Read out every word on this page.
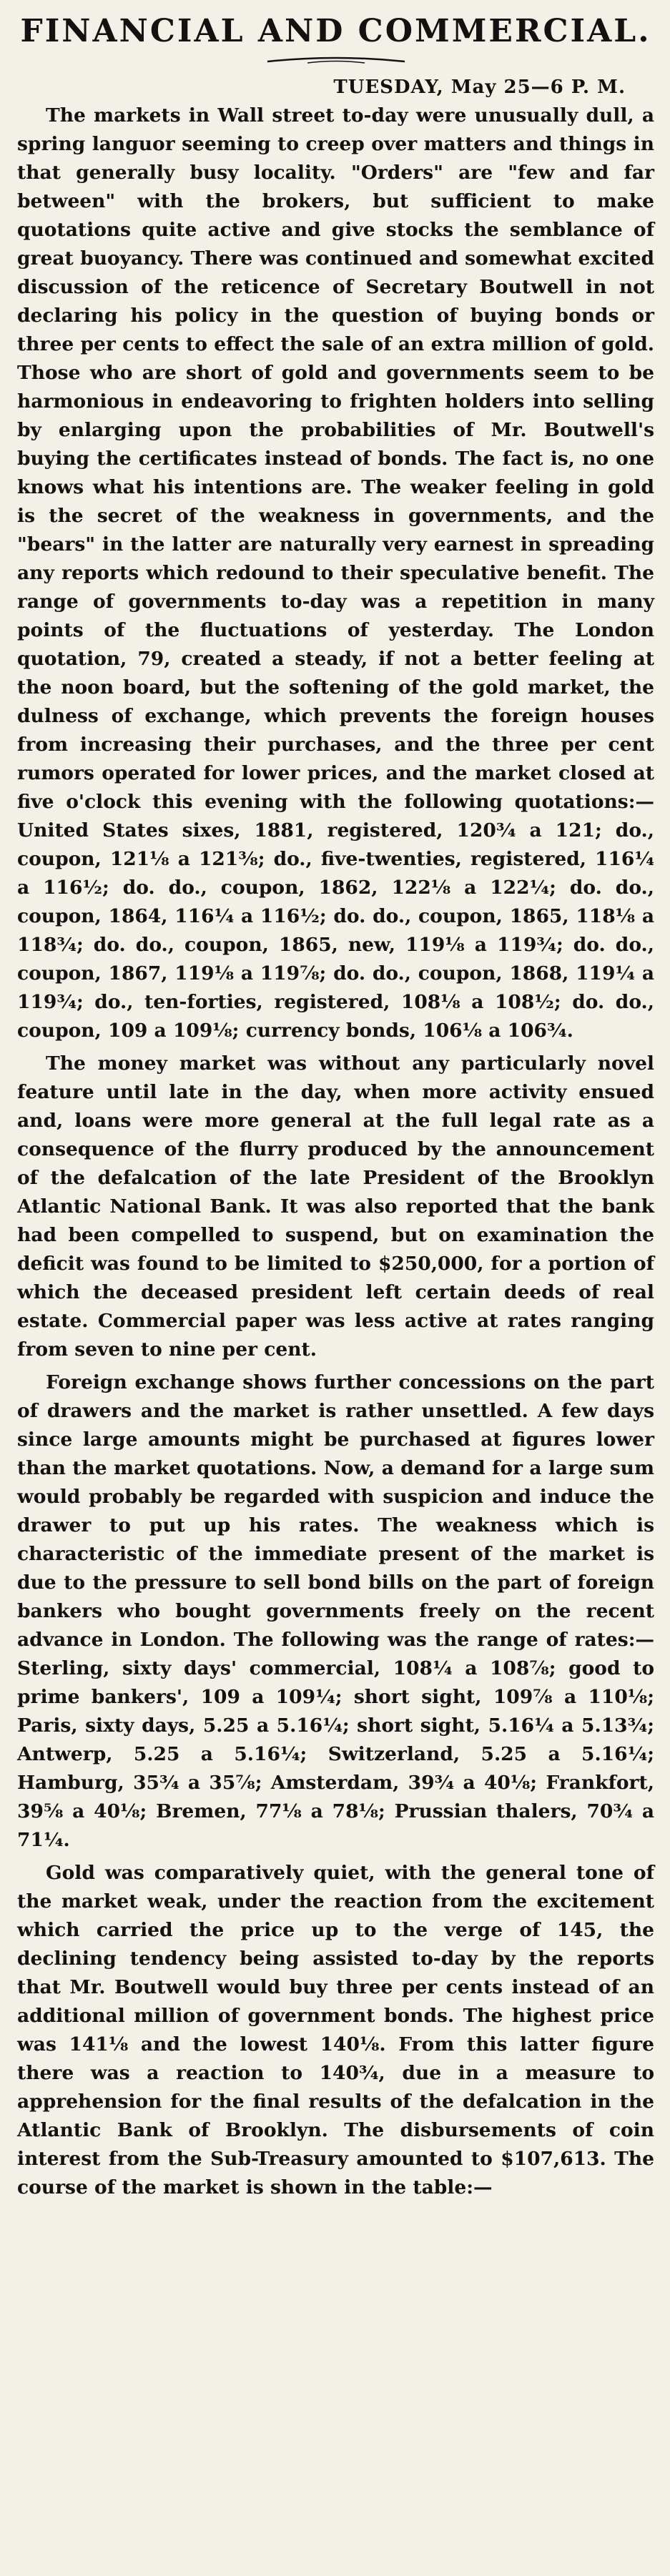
FINANCIAL AND COMMERCIAL.

TUESDAY, May 25—6 P. M.

The markets in Wall street to-day were unusually dull, a spring languor seeming to creep over matters and things in that generally busy locality. "Orders" are "few and far between" with the brokers, but sufficient to make quotations quite active and give stocks the semblance of great buoyancy. There was continued and somewhat excited discussion of the reticence of Secretary Boutwell in not declaring his policy in the question of buying bonds or three per cents to effect the sale of an extra million of gold. Those who are short of gold and governments seem to be harmonious in endeavoring to frighten holders into selling by enlarging upon the probabilities of Mr. Boutwell's buying the certificates instead of bonds. The fact is, no one knows what his intentions are. The weaker feeling in gold is the secret of the weakness in governments, and the "bears" in the latter are naturally very earnest in spreading any reports which redound to their speculative benefit. The range of governments to-day was a repetition in many points of the fluctuations of yesterday. The London quotation, 79, created a steady, if not a better feeling at the noon board, but the softening of the gold market, the dulness of exchange, which prevents the foreign houses from increasing their purchases, and the three per cent rumors operated for lower prices, and the market closed at five o'clock this evening with the following quotations:—United States sixes, 1881, registered, 120¾ a 121; do., coupon, 121⅛ a 121⅜; do., five-twenties, registered, 116¼ a 116½; do. do., coupon, 1862, 122⅛ a 122¼; do. do., coupon, 1864, 116¼ a 116½; do. do., coupon, 1865, 118⅛ a 118¾; do. do., coupon, 1865, new, 119⅛ a 119¾; do. do., coupon, 1867, 119⅛ a 119⅞; do. do., coupon, 1868, 119¼ a 119¾; do., ten-forties, registered, 108⅛ a 108½; do. do., coupon, 109 a 109⅛; currency bonds, 106⅛ a 106¾.

The money market was without any particularly novel feature until late in the day, when more activity ensued and, loans were more general at the full legal rate as a consequence of the flurry produced by the announcement of the defalcation of the late President of the Brooklyn Atlantic National Bank. It was also reported that the bank had been compelled to suspend, but on examination the deficit was found to be limited to $250,000, for a portion of which the deceased president left certain deeds of real estate. Commercial paper was less active at rates ranging from seven to nine per cent.

Foreign exchange shows further concessions on the part of drawers and the market is rather unsettled. A few days since large amounts might be purchased at figures lower than the market quotations. Now, a demand for a large sum would probably be regarded with suspicion and induce the drawer to put up his rates. The weakness which is characteristic of the immediate present of the market is due to the pressure to sell bond bills on the part of foreign bankers who bought governments freely on the recent advance in London. The following was the range of rates:—Sterling, sixty days' commercial, 108¼ a 108⅞; good to prime bankers', 109 a 109¼; short sight, 109⅞ a 110⅛; Paris, sixty days, 5.25 a 5.16¼; short sight, 5.16¼ a 5.13¾; Antwerp, 5.25 a 5.16¼; Switzerland, 5.25 a 5.16¼; Hamburg, 35¾ a 35⅞; Amsterdam, 39¾ a 40⅛; Frankfort, 39⅝ a 40⅛; Bremen, 77⅛ a 78⅛; Prussian thalers, 70¾ a 71¼.

Gold was comparatively quiet, with the general tone of the market weak, under the reaction from the excitement which carried the price up to the verge of 145, the declining tendency being assisted to-day by the reports that Mr. Boutwell would buy three per cents instead of an additional million of government bonds. The highest price was 141⅛ and the lowest 140⅛. From this latter figure there was a reaction to 140¾, due in a measure to apprehension for the final results of the defalcation in the Atlantic Bank of Brooklyn. The disbursements of coin interest from the Sub-Treasury amounted to $107,613. The course of the market is shown in the table:—
